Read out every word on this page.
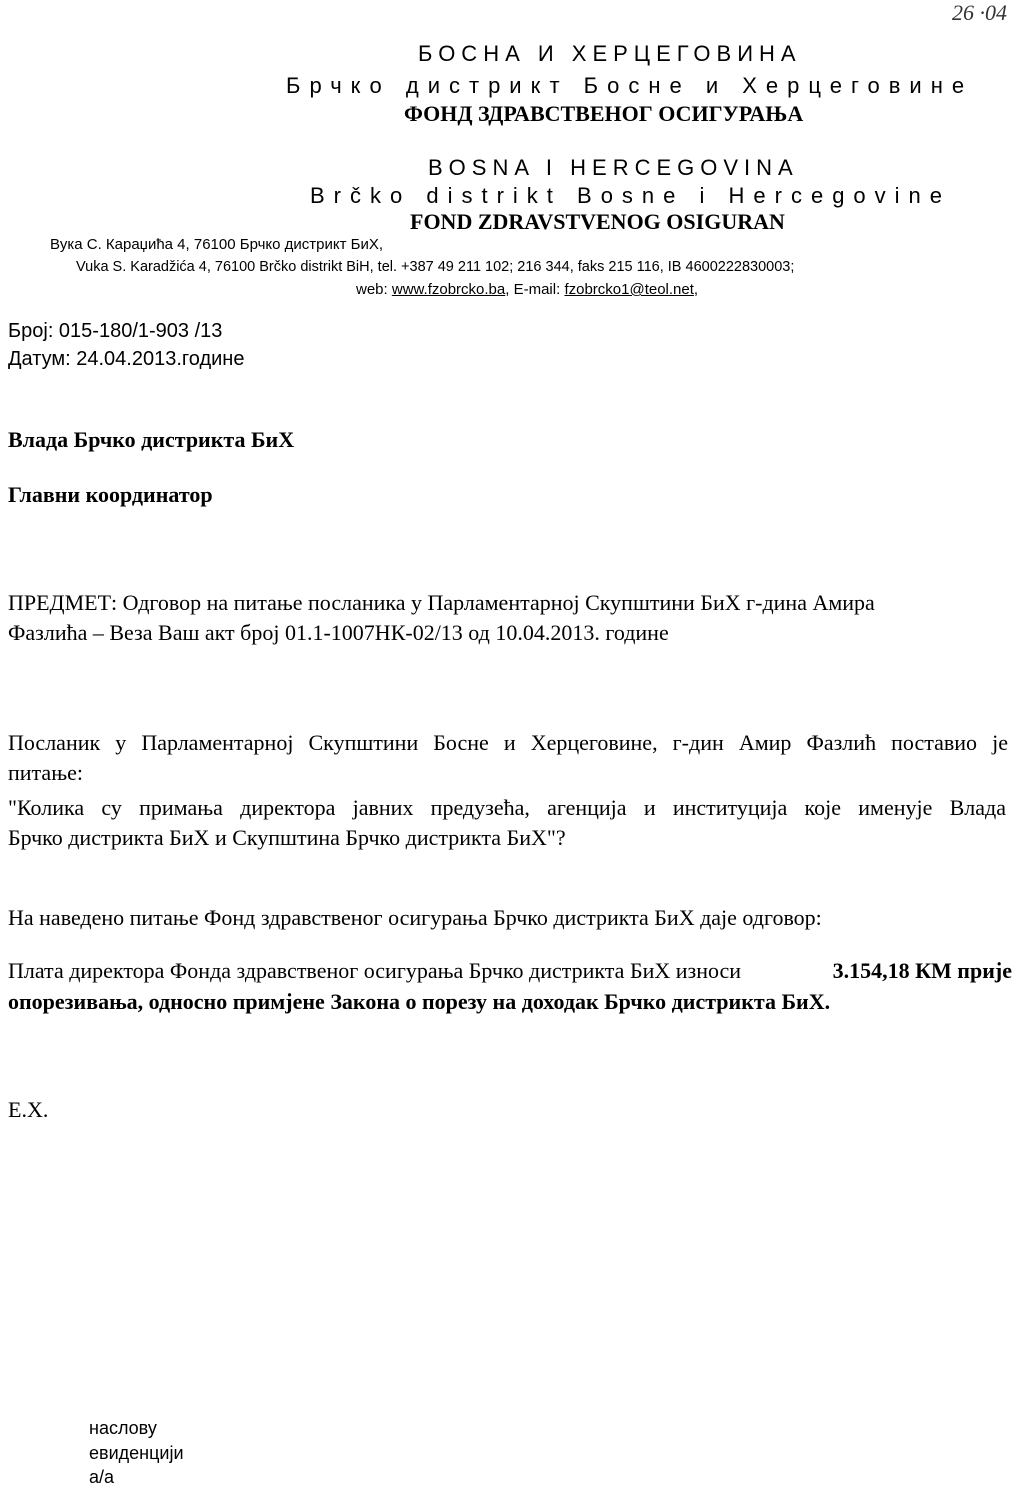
26 ·04
БОСНА И ХЕРЦЕГОВИНА
Брчко дистрикт Босне и Херцеговине
ФОНД ЗДРАВСТВЕНОГ ОСИГУРАЊА
BOSNA I HERCEGOVINA
Brčko distrikt Bosne i Hercegovine
FOND ZDRAVSTVENOG OSIGURAN
Вука С. Караџића 4, 76100 Брчко дистрикт БиХ,
Vuka S. Karadžića 4, 76100 Brčko distrikt BiH, tel. +387 49 211 102; 216 344, faks 215 116, IB 4600222830003;
web: www.fzobrcko.ba, E-mail: fzobrcko1@teol.net,
Број: 015-180/1-903 /13
Датум: 24.04.2013.године
Влада Брчко дистрикта БиХ
Главни координатор
ПРЕДМЕТ: Одговор на питање посланика у Парламентарној Скупштини БиХ г-дина Амира
Фазлића – Веза Ваш акт број 01.1-1007НК-02/13 од 10.04.2013. године
Посланик у Парламентарној Скупштини Босне и Херцеговине, г-дин Амир Фазлић поставио је
питање:
"Колика су примања директора јавних предузећа, агенција и институција које именује Влада
Брчко дистрикта БиХ и Скупштина Брчко дистрикта БиХ"?
На наведено питање Фонд здравственог осигурања Брчко дистрикта БиХ даје одговор:
Плата директора Фонда здравственог осигурања Брчко дистрикта БиХ износи	3.154,18 КМ прије
опорезивања, односно примјене Закона о порезу на доходак Брчко дистрикта БиХ.
E.X.
наслову
евиденцији
a/a
